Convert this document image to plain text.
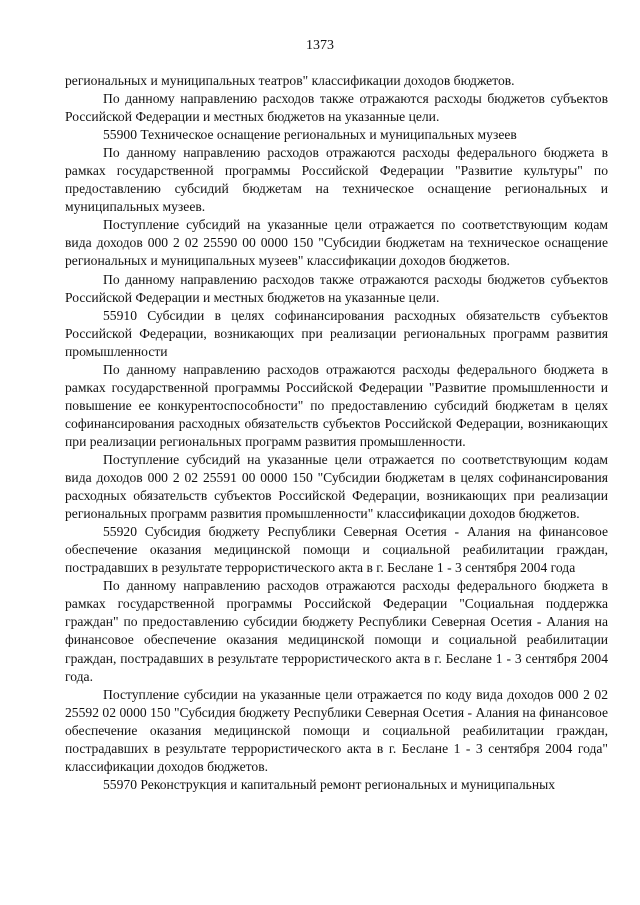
1373

региональных и муниципальных театров" классификации доходов бюджетов.

По данному направлению расходов также отражаются расходы бюджетов субъектов Российской Федерации и местных бюджетов на указанные цели.

55900 Техническое оснащение региональных и муниципальных музеев

По данному направлению расходов отражаются расходы федерального бюджета в рамках государственной программы Российской Федерации "Развитие культуры" по предоставлению субсидий бюджетам на техническое оснащение региональных и муниципальных музеев.

Поступление субсидий на указанные цели отражается по соответствующим кодам вида доходов 000 2 02 25590 00 0000 150 "Субсидии бюджетам на техническое оснащение региональных и муниципальных музеев" классификации доходов бюджетов.

По данному направлению расходов также отражаются расходы бюджетов субъектов Российской Федерации и местных бюджетов на указанные цели.

55910 Субсидии в целях софинансирования расходных обязательств субъектов Российской Федерации, возникающих при реализации региональных программ развития промышленности

По данному направлению расходов отражаются расходы федерального бюджета в рамках государственной программы Российской Федерации "Развитие промышленности и повышение ее конкурентоспособности" по предоставлению субсидий бюджетам в целях софинансирования расходных обязательств субъектов Российской Федерации, возникающих при реализации региональных программ развития промышленности.

Поступление субсидий на указанные цели отражается по соответствующим кодам вида доходов 000 2 02 25591 00 0000 150 "Субсидии бюджетам в целях софинансирования расходных обязательств субъектов Российской Федерации, возникающих при реализации региональных программ развития промышленности" классификации доходов бюджетов.

55920 Субсидия бюджету Республики Северная Осетия - Алания на финансовое обеспечение оказания медицинской помощи и социальной реабилитации граждан, пострадавших в результате террористического акта в г. Беслане 1 - 3 сентября 2004 года

По данному направлению расходов отражаются расходы федерального бюджета в рамках государственной программы Российской Федерации "Социальная поддержка граждан" по предоставлению субсидии бюджету Республики Северная Осетия - Алания на финансовое обеспечение оказания медицинской помощи и социальной реабилитации граждан, пострадавших в результате террористического акта в г. Беслане 1 - 3 сентября 2004 года.

Поступление субсидии на указанные цели отражается по коду вида доходов 000 2 02 25592 02 0000 150 "Субсидия бюджету Республики Северная Осетия - Алания на финансовое обеспечение оказания медицинской помощи и социальной реабилитации граждан, пострадавших в результате террористического акта в г. Беслане 1 - 3 сентября 2004 года" классификации доходов бюджетов.

55970 Реконструкция и капитальный ремонт региональных и муниципальных
